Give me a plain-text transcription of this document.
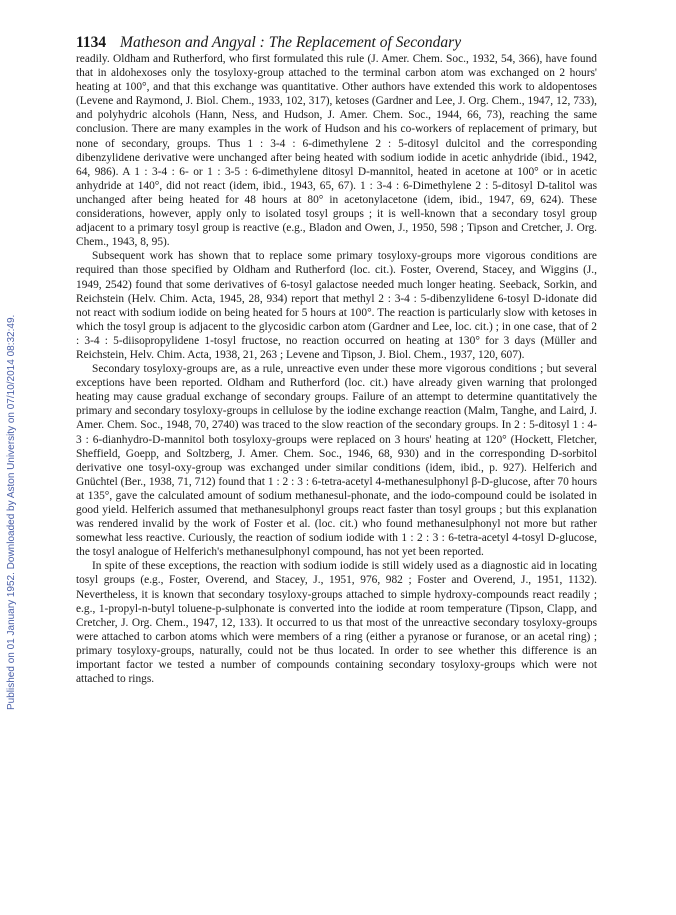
1134 Matheson and Angyal : The Replacement of Secondary
Published on 01 January 1952. Downloaded by Aston University on 07/10/2014 08:32:49.

readily. Oldham and Rutherford, who first formulated this rule (J. Amer. Chem. Soc., 1932, 54, 366), have found that in aldohexoses only the tosyloxy-group attached to the terminal carbon atom was exchanged on 2 hours' heating at 100°, and that this exchange was quantitative. Other authors have extended this work to aldopentoses (Levene and Raymond, J. Biol. Chem., 1933, 102, 317), ketoses (Gardner and Lee, J. Org. Chem., 1947, 12, 733), and polyhydric alcohols (Hann, Ness, and Hudson, J. Amer. Chem. Soc., 1944, 66, 73), reaching the same conclusion. There are many examples in the work of Hudson and his co-workers of replacement of primary, but none of secondary, groups. Thus 1 : 3-4 : 6-dimethylene 2 : 5-ditosyl dulcitol and the corresponding dibenzylidene derivative were unchanged after being heated with sodium iodide in acetic anhydride (ibid., 1942, 64, 986). A 1 : 3-4 : 6- or 1 : 3-5 : 6-dimethylene ditosyl D-mannitol, heated in acetone at 100° or in acetic anhydride at 140°, did not react (idem, ibid., 1943, 65, 67). 1 : 3-4 : 6-Dimethylene 2 : 5-ditosyl D-talitol was unchanged after being heated for 48 hours at 80° in acetonylacetone (idem, ibid., 1947, 69, 624). These considerations, however, apply only to isolated tosyl groups ; it is well-known that a secondary tosyl group adjacent to a primary tosyl group is reactive (e.g., Bladon and Owen, J., 1950, 598 ; Tipson and Cretcher, J. Org. Chem., 1943, 8, 95).

Subsequent work has shown that to replace some primary tosyloxy-groups more vigorous conditions are required than those specified by Oldham and Rutherford (loc. cit.). Foster, Overend, Stacey, and Wiggins (J., 1949, 2542) found that some derivatives of 6-tosyl galactose needed much longer heating. Seeback, Sorkin, and Reichstein (Helv. Chim. Acta, 1945, 28, 934) report that methyl 2 : 3-4 : 5-dibenzylidene 6-tosyl D-idonate did not react with sodium iodide on being heated for 5 hours at 100°. The reaction is particularly slow with ketoses in which the tosyl group is adjacent to the glycosidic carbon atom (Gardner and Lee, loc. cit.) ; in one case, that of 2 : 3-4 : 5-diisopropylidene 1-tosyl fructose, no reaction occurred on heating at 130° for 3 days (Müller and Reichstein, Helv. Chim. Acta, 1938, 21, 263 ; Levene and Tipson, J. Biol. Chem., 1937, 120, 607).

Secondary tosyloxy-groups are, as a rule, unreactive even under these more vigorous conditions ; but several exceptions have been reported. Oldham and Rutherford (loc. cit.) have already given warning that prolonged heating may cause gradual exchange of secondary groups. Failure of an attempt to determine quantitatively the primary and secondary tosyloxy-groups in cellulose by the iodine exchange reaction (Malm, Tanghe, and Laird, J. Amer. Chem. Soc., 1948, 70, 2740) was traced to the slow reaction of the secondary groups. In 2 : 5-ditosyl 1 : 4-3 : 6-dianhydro-D-mannitol both tosyloxy-groups were replaced on 3 hours' heating at 120° (Hockett, Fletcher, Sheffield, Goepp, and Soltzberg, J. Amer. Chem. Soc., 1946, 68, 930) and in the corresponding D-sorbitol derivative one tosyl-oxy-group was exchanged under similar conditions (idem, ibid., p. 927). Helferich and Gnüchtel (Ber., 1938, 71, 712) found that 1 : 2 : 3 : 6-tetra-acetyl 4-methanesulphonyl β-D-glucose, after 70 hours at 135°, gave the calculated amount of sodium methanesul-phonate, and the iodo-compound could be isolated in good yield. Helferich assumed that methanesulphonyl groups react faster than tosyl groups ; but this explanation was rendered invalid by the work of Foster et al. (loc. cit.) who found methanesulphonyl not more but rather somewhat less reactive. Curiously, the reaction of sodium iodide with 1 : 2 : 3 : 6-tetra-acetyl 4-tosyl D-glucose, the tosyl analogue of Helferich's methanesulphonyl compound, has not yet been reported.

In spite of these exceptions, the reaction with sodium iodide is still widely used as a diagnostic aid in locating tosyl groups (e.g., Foster, Overend, and Stacey, J., 1951, 976, 982 ; Foster and Overend, J., 1951, 1132). Nevertheless, it is known that secondary tosyloxy-groups attached to simple hydroxy-compounds react readily ; e.g., 1-propyl-n-butyl toluene-p-sulphonate is converted into the iodide at room temperature (Tipson, Clapp, and Cretcher, J. Org. Chem., 1947, 12, 133). It occurred to us that most of the unreactive secondary tosyloxy-groups were attached to carbon atoms which were members of a ring (either a pyranose or furanose, or an acetal ring) ; primary tosyloxy-groups, naturally, could not be thus located. In order to see whether this difference is an important factor we tested a number of compounds containing secondary tosyloxy-groups which were not attached to rings.
